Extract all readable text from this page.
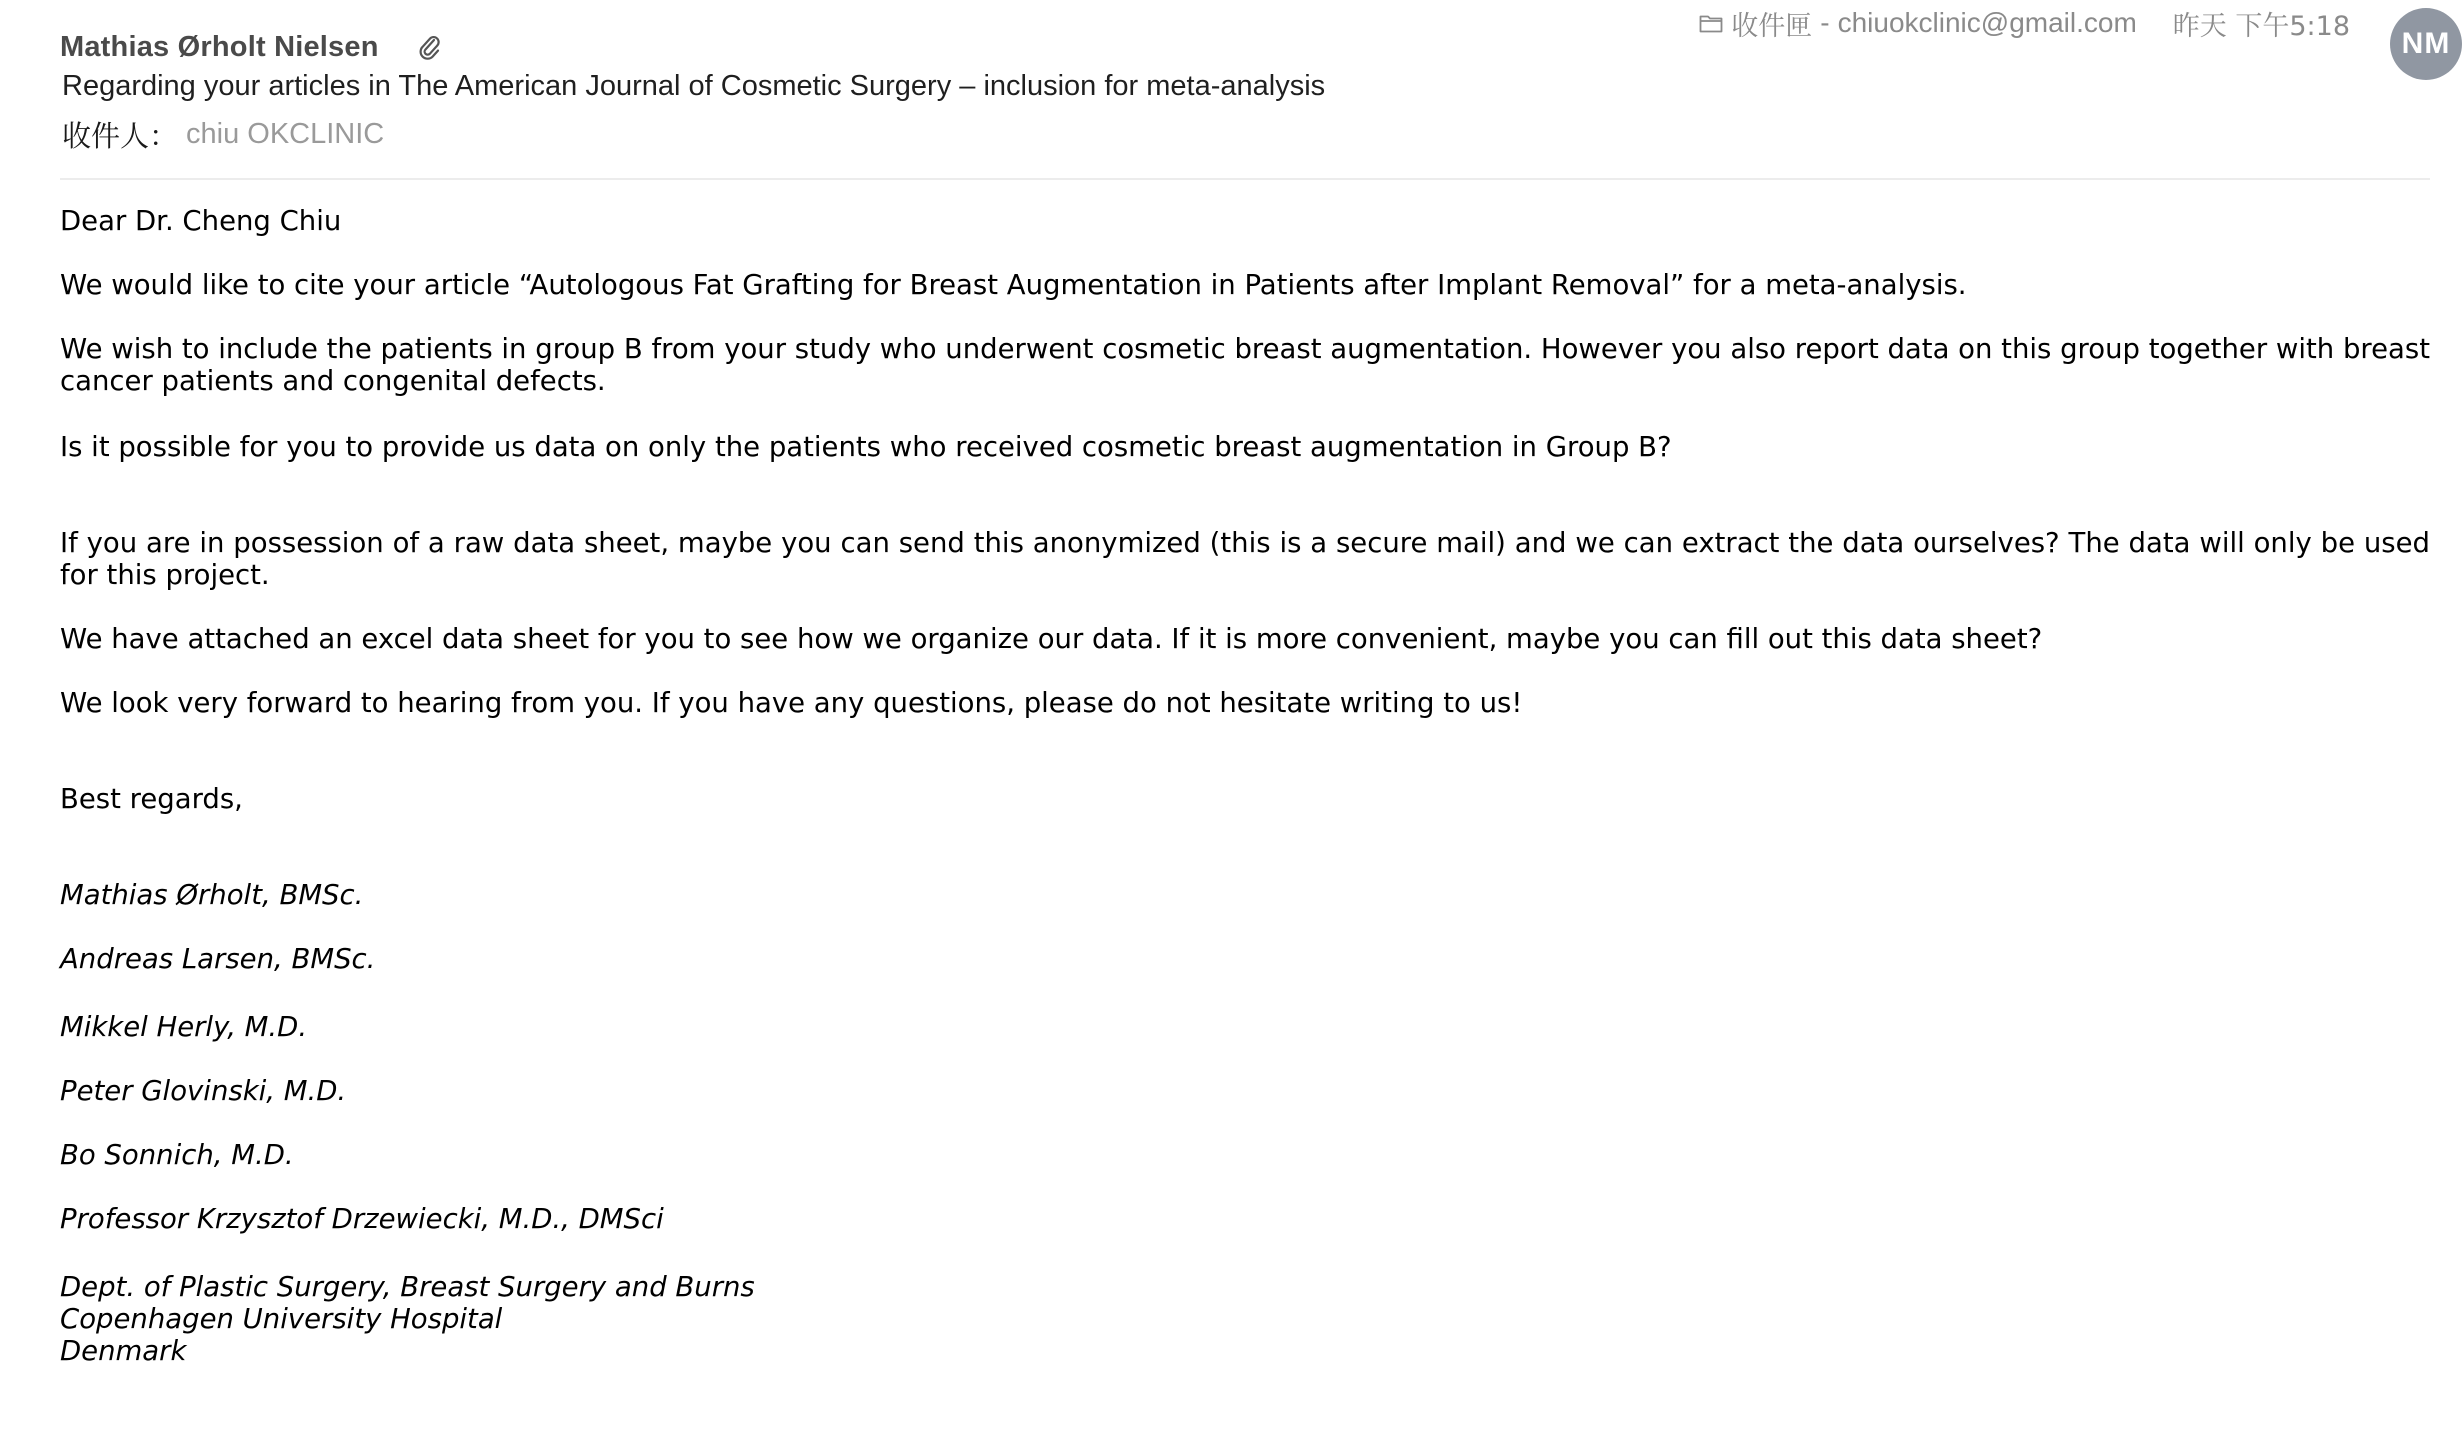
Mathias Ørholt Nielsen
Regarding your articles in The American Journal of Cosmetic Surgery – inclusion for meta-analysis
收件人： chiu OKCLINIC
收件匣 - chiuokclinic@gmail.com 昨天 下午5:18
NM

Dear Dr. Cheng Chiu

We would like to cite your article “Autologous Fat Grafting for Breast Augmentation in Patients after Implant Removal” for a meta-analysis.

We wish to include the patients in group B from your study who underwent cosmetic breast augmentation. However you also report data on this group together with breast cancer patients and congenital defects.

Is it possible for you to provide us data on only the patients who received cosmetic breast augmentation in Group B?

If you are in possession of a raw data sheet, maybe you can send this anonymized (this is a secure mail) and we can extract the data ourselves? The data will only be used for this project.

We have attached an excel data sheet for you to see how we organize our data. If it is more convenient, maybe you can fill out this data sheet?

We look very forward to hearing from you. If you have any questions, please do not hesitate writing to us!

Best regards,

Mathias Ørholt, BMSc.

Andreas Larsen, BMSc.

Mikkel Herly, M.D.

Peter Glovinski, M.D.

Bo Sonnich, M.D.

Professor Krzysztof Drzewiecki, M.D., DMSci

Dept. of Plastic Surgery, Breast Surgery and Burns

Copenhagen University Hospital

Denmark
